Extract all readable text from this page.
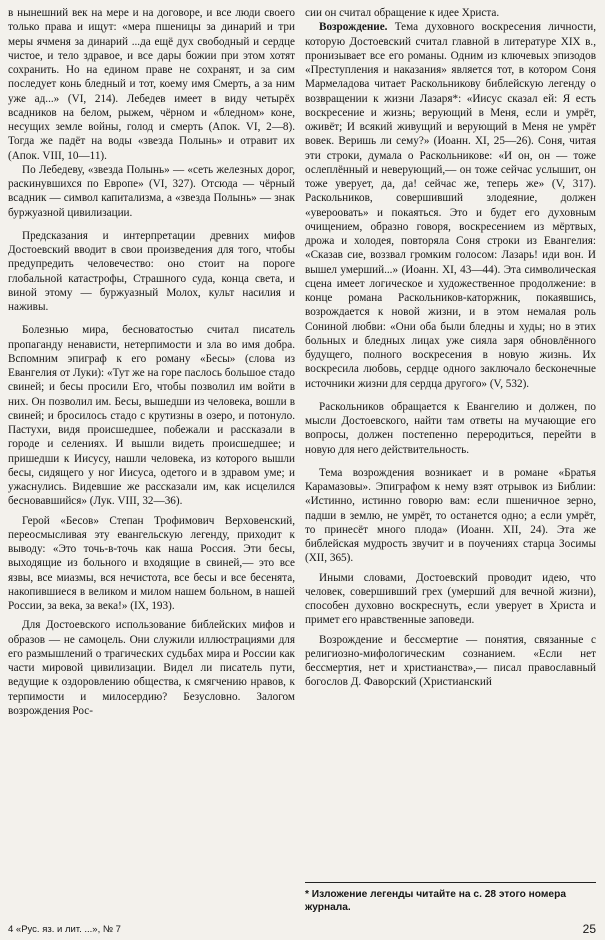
в нынешний век на мере и на договоре, и все люди своего только права и ищут: «мера пшеницы за динарий и три меры ячменя за динарий ...да ещё дух свободный и сердце чистое, и тело здравое, и все дары божии при этом хотят сохранить. Но на едином праве не сохранят, и за сим последует конь бледный и тот, коему имя Смерть, а за ним уже ад...» (VI, 214). Лебедев имеет в виду четырёх всадников на белом, рыжем, чёрном и «бледном» коне, несущих земле войны, голод и смерть (Апок. VI, 2—8). Тогда же падёт на воды «звезда Полынь» и отравит их (Апок. VIII, 10—11).

По Лебедеву, «звезда Полынь» — «сеть железных дорог, раскинувшихся по Европе» (VI, 327). Отсюда — чёрный всадник — символ капитализма, а «звезда Полынь» — знак буржуазной цивилизации.

Предсказания и интерпретации древних мифов Достоевский вводит в свои произведения для того, чтобы предупредить человечество: оно стоит на пороге глобальной катастрофы, Страшного суда, конца света, и виной этому — буржуазный Молох, культ насилия и наживы.

Болезнью мира, бесноватостью считал писатель пропаганду ненависти, нетерпимости и зла во имя добра. Вспомним эпиграф к его роману «Бесы» (слова из Евангелия от Луки): «Тут же на горе паслось большое стадо свиней; и бесы просили Его, чтобы позволил им войти в них. Он позволил им. Бесы, вышедши из человека, вошли в свиней; и бросилось стадо с крутизны в озеро, и потонуло. Пастухи, видя происшедшее, побежали и рассказали в городе и селениях. И вышли видеть происшедшее; и пришедши к Иисусу, нашли человека, из которого вышли бесы, сидящего у ног Иисуса, одетого и в здравом уме; и ужаснулись. Видевшие же рассказали им, как исцелился бесновавшийся» (Лук. VIII, 32—36).

Герой «Бесов» Степан Трофимович Верховенский, переосмысливая эту евангельскую легенду, приходит к выводу: «Это точь-в-точь как наша Россия. Эти бесы, выходящие из больного и входящие в свиней,— это все язвы, все миазмы, вся нечистота, все бесы и все бесенята, накопившиеся в великом и милом нашем больном, в нашей России, за века, за века!» (IX, 193).

Для Достоевского использование библейских мифов и образов — не самоцель. Они служили иллюстрациями для его размышлений о трагических судьбах мира и России как части мировой цивилизации. Видел ли писатель пути, ведущие к оздоровлению общества, к смягчению нравов, к терпимости и милосердию? Безусловно. Залогом возрождения Рос-

сии он считал обращение к идее Христа.

Возрождение. Тема духовного воскресения личности, которую Достоевский считал главной в литературе XIX в., пронизывает все его романы. Одним из ключевых эпизодов «Преступления и наказания» является тот, в котором Соня Мармеладова читает Раскольникову библейскую легенду о возвращении к жизни Лазаря*: «Иисус сказал ей: Я есть воскресение и жизнь; верующий в Меня, если и умрёт, оживёт; И всякий живущий и верующий в Меня не умрёт вовек. Веришь ли сему?» (Иоанн. XI, 25—26). Соня, читая эти строки, думала о Раскольникове: «И он, он — тоже ослеплённый и неверующий,— он тоже сейчас услышит, он тоже уверует, да, да! сейчас же, теперь же» (V, 317). Раскольников, совершивший злодеяние, должен «увероовать» и покаяться. Это и будет его духовным очищением, образно говоря, воскресением из мёртвых, дрожа и холодея, повторяла Соня строки из Евангелия: «Сказав сие, воззвал громким голосом: Лазарь! иди вон. И вышел умерший...» (Иоанн. XI, 43—44). Эта символическая сцена имеет логическое и художественное продолжение: в конце романа Раскольников-каторжник, покаявшись, возрождается к новой жизни, и в этом немалая роль Сониной любви: «Они оба были бледны и худы; но в этих больных и бледных лицах уже сияла заря обновлённого будущего, полного воскресения в новую жизнь. Их воскресила любовь, сердце одного заключало бесконечные источники жизни для сердца другого» (V, 532).

Раскольников обращается к Евангелию и должен, по мысли Достоевского, найти там ответы на мучающие его вопросы, должен постепенно переродиться, перейти в новую для него действительность.

Тема возрождения возникает и в романе «Братья Карамазовы». Эпиграфом к нему взят отрывок из Библии: «Истинно, истинно говорю вам: если пшеничное зерно, падши в землю, не умрёт, то останется одно; а если умрёт, то принесёт много плода» (Иоанн. XII, 24). Эта же библейская мудрость звучит и в поучениях старца Зосимы (XII, 365).

Иными словами, Достоевский проводит идею, что человек, совершивший грех (умерший для вечной жизни), способен духовно воскреснуть, если уверует в Христа и примет его нравственные заповеди.

Возрождение и бессмертие — понятия, связанные с религиозно-мифологическим сознанием. «Если нет бессмертия, нет и христианства»,— писал православный богослов Д. Фаворский (Христианский

* Изложение легенды читайте на с. 28 этого номера журнала.
4 «Рус. яз. и лит. ...», № 7	25
